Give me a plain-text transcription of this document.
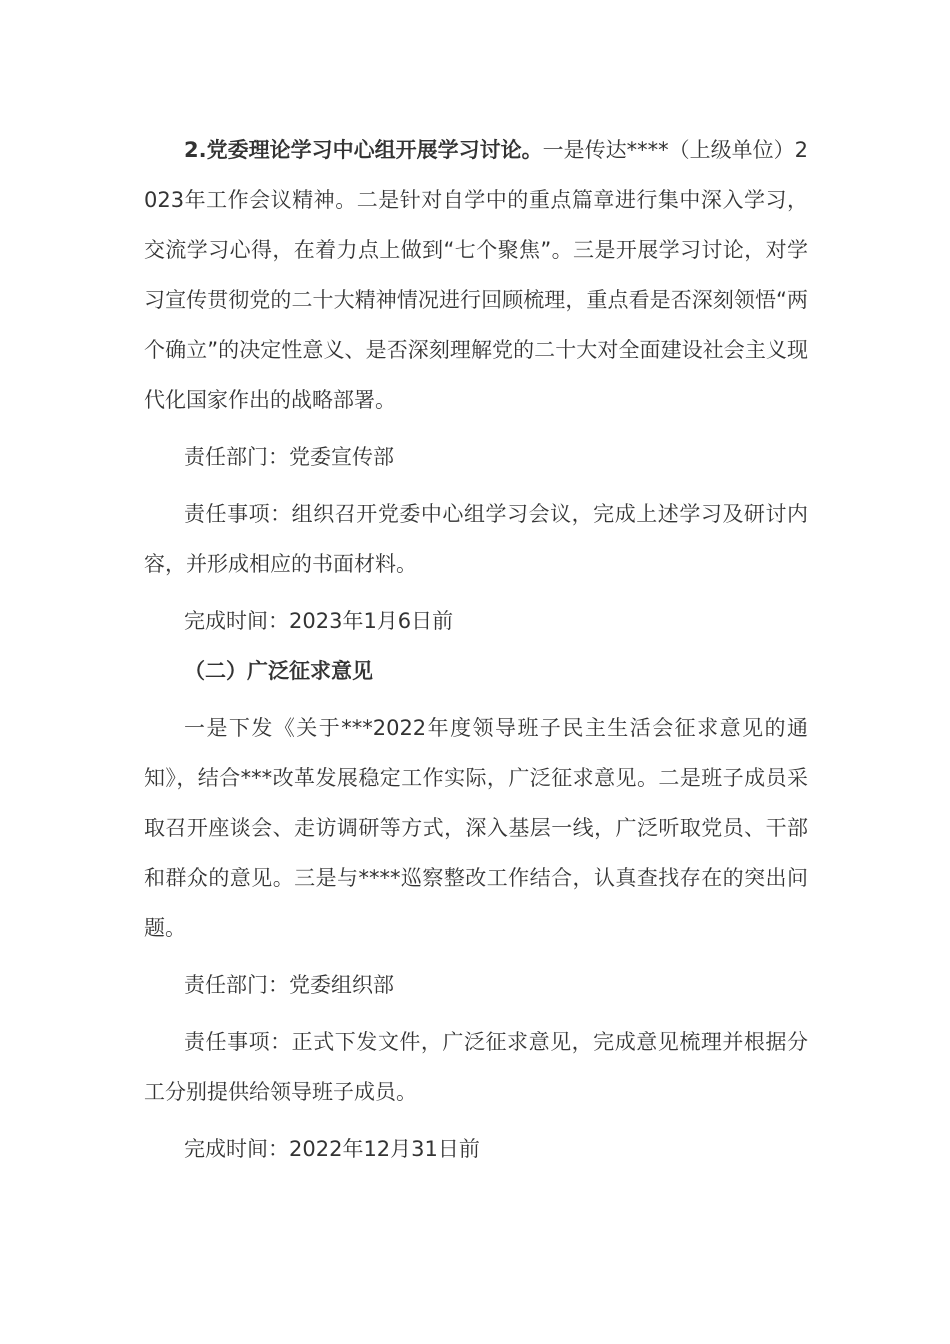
2.党委理论学习中心组开展学习讨论。一是传达****（上级单位）2023年工作会议精神。二是针对自学中的重点篇章进行集中深入学习，交流学习心得，在着力点上做到“七个聚焦”。三是开展学习讨论，对学习宣传贯彻党的二十大精神情况进行回顾梳理，重点看是否深刻领悟“两个确立”的决定性意义、是否深刻理解党的二十大对全面建设社会主义现代化国家作出的战略部署。

责任部门：党委宣传部

责任事项：组织召开党委中心组学习会议，完成上述学习及研讨内容，并形成相应的书面材料。

完成时间：2023年1月6日前

（二）广泛征求意见

一是下发《关于***2022年度领导班子民主生活会征求意见的通知》，结合***改革发展稳定工作实际，广泛征求意见。二是班子成员采取召开座谈会、走访调研等方式，深入基层一线，广泛听取党员、干部和群众的意见。三是与****巡察整改工作结合，认真查找存在的突出问题。

责任部门：党委组织部

责任事项：正式下发文件，广泛征求意见，完成意见梳理并根据分工分别提供给领导班子成员。

完成时间：2022年12月31日前
